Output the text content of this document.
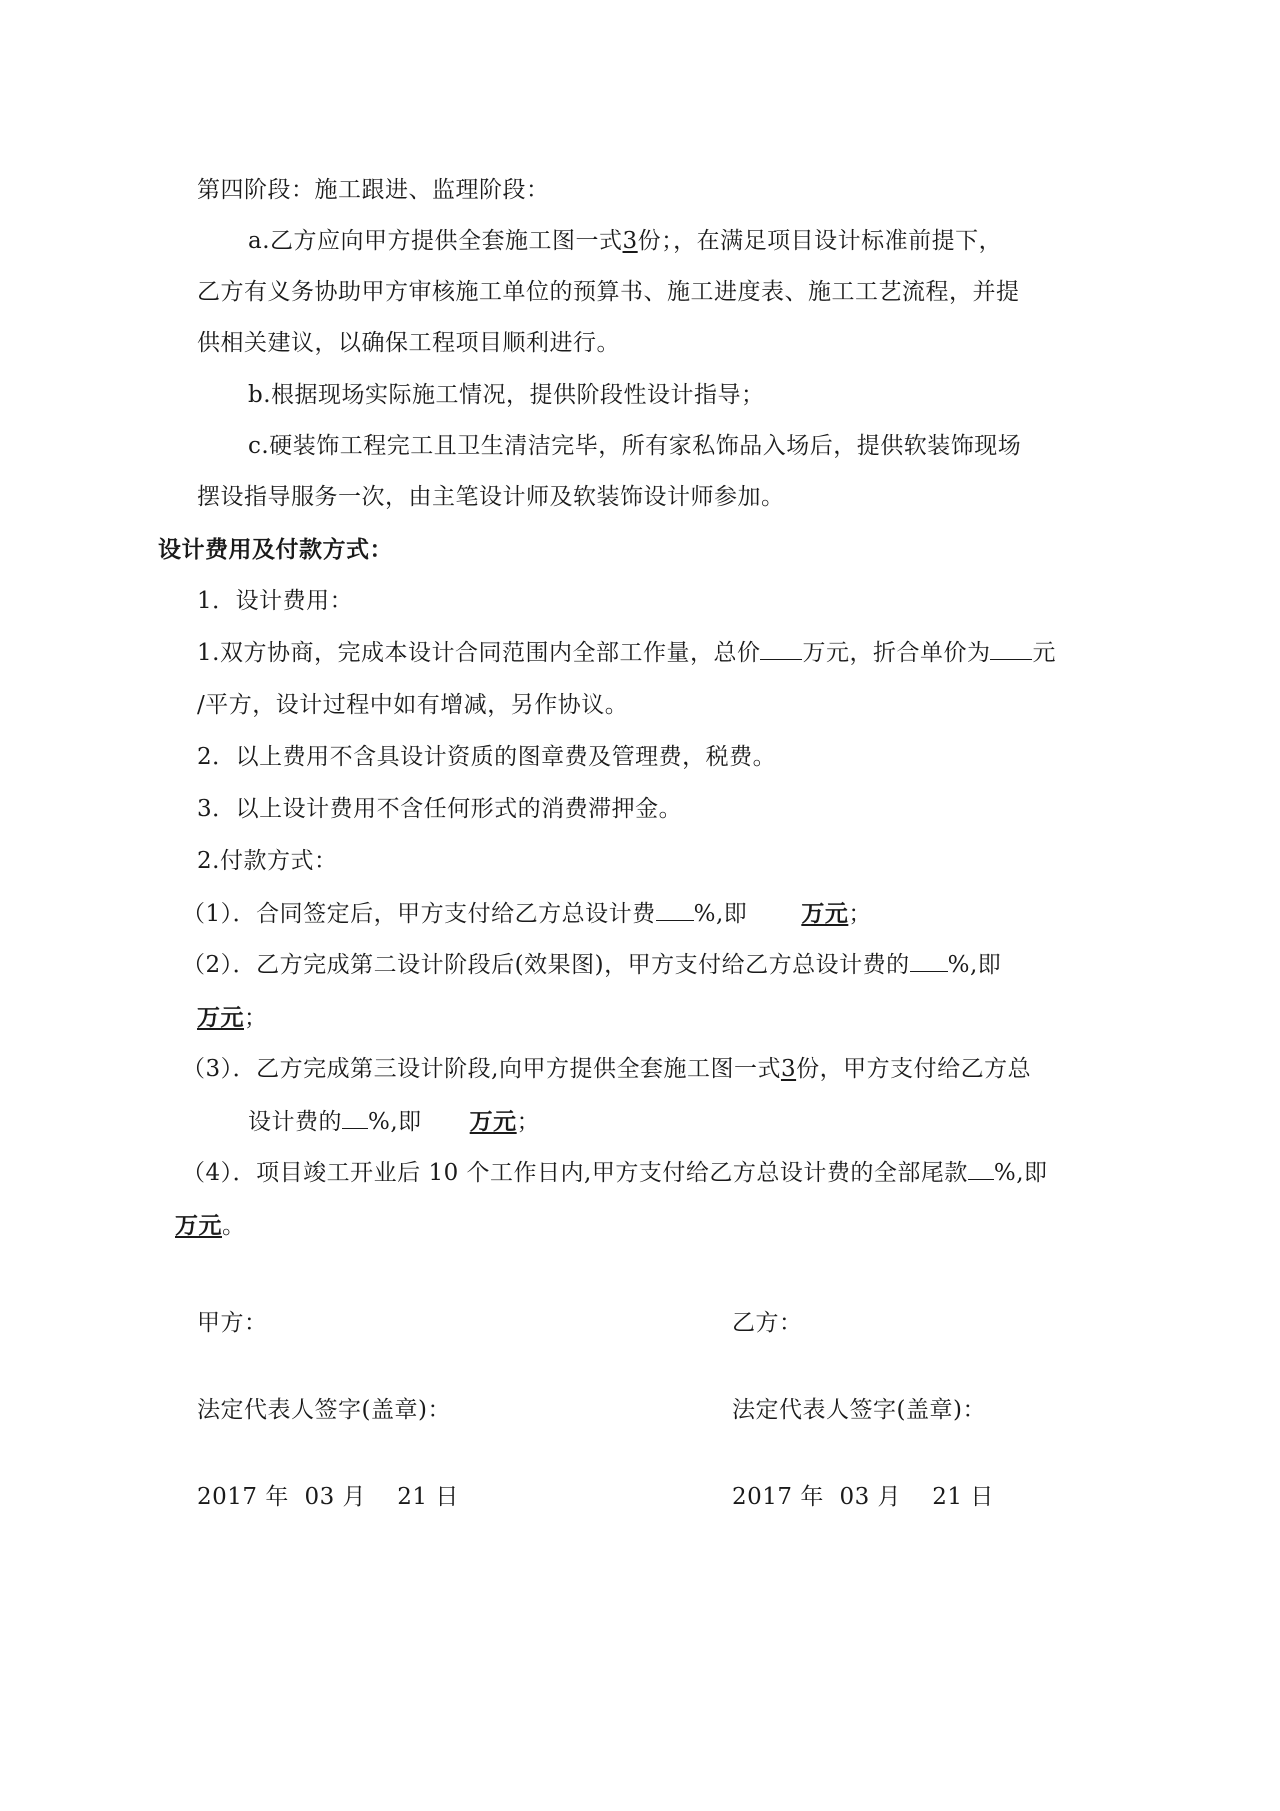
第四阶段：施工跟进、监理阶段：

a.乙方应向甲方提供全套施工图一式3份；，在满足项目设计标准前提下，

乙方有义务协助甲方审核施工单位的预算书、施工进度表、施工工艺流程，并提

供相关建议，以确保工程项目顺利进行。

b.根据现场实际施工情况，提供阶段性设计指导；

c.硬装饰工程完工且卫生清洁完毕，所有家私饰品入场后，提供软装饰现场

摆设指导服务一次，由主笔设计师及软装饰设计师参加。

设计费用及付款方式：

1．设计费用：

1.双方协商，完成本设计合同范围内全部工作量，总价 万元，折合单价为 元

/平方，设计过程中如有增减，另作协议。

2．以上费用不含具设计资质的图章费及管理费，税费。

3．以上设计费用不含任何形式的消费滞押金。

2.付款方式：

（1）．合同签定后，甲方支付给乙方总设计费 %,即 万元；

（2）．乙方完成第二设计阶段后(效果图)，甲方支付给乙方总设计费的 %,即

万元；

（3）．乙方完成第三设计阶段,向甲方提供全套施工图一式3份，甲方支付给乙方总

设计费的 %,即 万元；

（4）．项目竣工开业后 10 个工作日内,甲方支付给乙方总设计费的全部尾款 %,即

万元。

甲方：	乙方：

法定代表人签字(盖章)：	法定代表人签字(盖章)：

2017 年  03 月    21 日	2017 年  03 月    21 日
